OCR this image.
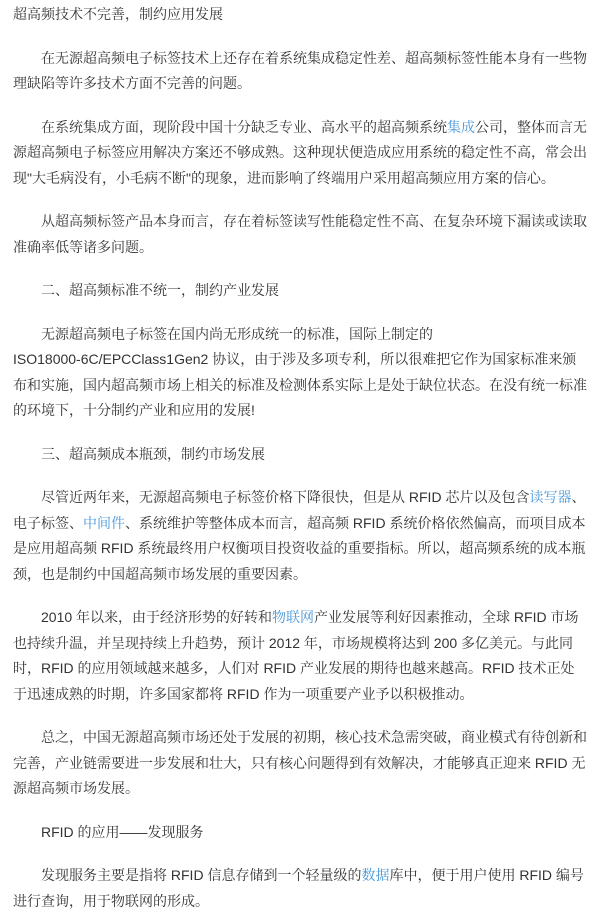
超高频技术不完善，制约应用发展
在无源超高频电子标签技术上还存在着系统集成稳定性差、超高频标签性能本身有一些物理缺陷等许多技术方面不完善的问题。
在系统集成方面，现阶段中国十分缺乏专业、高水平的超高频系统集成公司，整体而言无源超高频电子标签应用解决方案还不够成熟。这种现状便造成应用系统的稳定性不高，常会出现"大毛病没有，小毛病不断"的现象，进而影响了终端用户采用超高频应用方案的信心。
从超高频标签产品本身而言，存在着标签读写性能稳定性不高、在复杂环境下漏读或读取准确率低等诸多问题。
二、超高频标准不统一，制约产业发展
无源超高频电子标签在国内尚无形成统一的标准，国际上制定的
ISO18000-6C/EPCClass1Gen2 协议，由于涉及多项专利，所以很难把它作为国家标准来颁布和实施，国内超高频市场上相关的标准及检测体系实际上是处于缺位状态。在没有统一标准的环境下，十分制约产业和应用的发展!
三、超高频成本瓶颈，制约市场发展
尽管近两年来，无源超高频电子标签价格下降很快，但是从 RFID 芯片以及包含读写器、电子标签、中间件、系统维护等整体成本而言，超高频 RFID 系统价格依然偏高，而项目成本是应用超高频 RFID 系统最终用户权衡项目投资收益的重要指标。所以，超高频系统的成本瓶颈，也是制约中国超高频市场发展的重要因素。
2010 年以来，由于经济形势的好转和物联网产业发展等利好因素推动，全球 RFID 市场也持续升温，并呈现持续上升趋势，预计 2012 年，市场规模将达到 200 多亿美元。与此同时，RFID 的应用领域越来越多，人们对 RFID 产业发展的期待也越来越高。RFID 技术正处于迅速成熟的时期，许多国家都将 RFID 作为一项重要产业予以积极推动。
总之，中国无源超高频市场还处于发展的初期，核心技术急需突破，商业模式有待创新和完善，产业链需要进一步发展和壮大，只有核心问题得到有效解决，才能够真正迎来 RFID 无源超高频市场发展。
RFID 的应用——发现服务
发现服务主要是指将 RFID 信息存储到一个轻量级的数据库中，便于用户使用 RFID 编号进行查询，用于物联网的形成。
